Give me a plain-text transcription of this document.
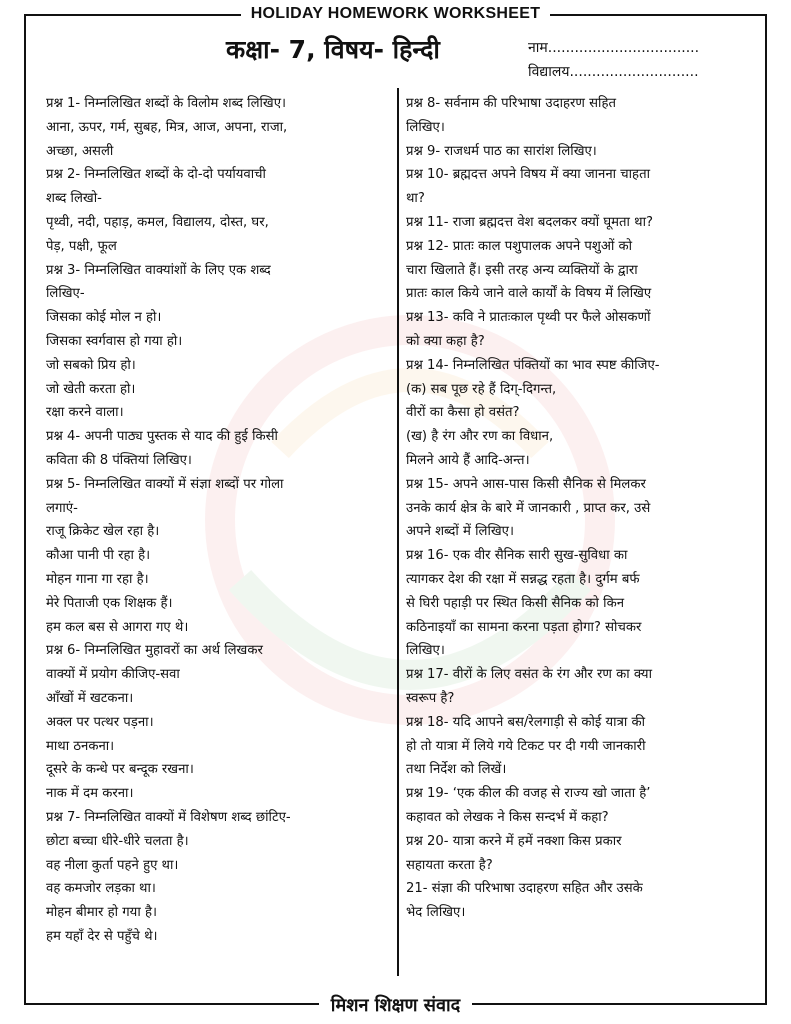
HOLIDAY HOMEWORK WORKSHEET
कक्षा- 7, विषय- हिन्दी	नाम..................................
विद्यालय.............................
प्रश्न 1- निम्नलिखित शब्दों के विलोम शब्द लिखिए।
आना, ऊपर, गर्म, सुबह, मित्र, आज, अपना, राजा,
अच्छा, असली
प्रश्न 2- निम्नलिखित शब्दों के दो-दो पर्यायवाची
शब्द लिखो-
पृथ्वी, नदी, पहाड़, कमल, विद्यालय, दोस्त, घर,
पेड़, पक्षी, फूल
प्रश्न 3- निम्नलिखित वाक्यांशों के लिए एक शब्द
लिखिए-
जिसका कोई मोल न हो।
जिसका स्वर्गवास हो गया हो।
जो सबको प्रिय हो।
जो खेती करता हो।
रक्षा करने वाला।
प्रश्न 4- अपनी पाठ्य पुस्तक से याद की हुई किसी
कविता की 8 पंक्तियां लिखिए।
प्रश्न 5- निम्नलिखित वाक्यों में संज्ञा शब्दों पर गोला
लगाएं-
राजू क्रिकेट खेल रहा है।
कौआ पानी पी रहा है।
मोहन गाना गा रहा है।
मेरे पिताजी एक शिक्षक हैं।
हम कल बस से आगरा गए थे।
प्रश्न 6- निम्नलिखित मुहावरों का अर्थ लिखकर
वाक्यों में प्रयोग कीजिए-सवा
आँखों में खटकना।
अक्ल पर पत्थर पड़ना।
माथा ठनकना।
दूसरे के कन्धे पर बन्दूक रखना।
नाक में दम करना।
प्रश्न 7- निम्नलिखित वाक्यों में विशेषण शब्द छांटिए-
छोटा बच्चा धीरे-धीरे चलता है।
वह नीला कुर्ता पहने हुए था।
वह कमजोर लड़का था।
मोहन बीमार हो गया है।
हम यहाँ देर से पहुँचे थे।
प्रश्न 8- सर्वनाम की परिभाषा उदाहरण सहित
लिखिए।
प्रश्न 9- राजधर्म पाठ का सारांश लिखिए।
प्रश्न 10- ब्रह्मदत्त अपने विषय में क्या जानना चाहता
था?
प्रश्न 11- राजा ब्रह्मदत्त वेश बदलकर क्यों घूमता था?
प्रश्न 12- प्रातः काल पशुपालक अपने पशुओं को
चारा खिलाते हैं। इसी तरह अन्य व्यक्तियों के द्वारा
प्रातः काल किये जाने वाले कार्यों के विषय में लिखिए
प्रश्न 13- कवि ने प्रातःकाल पृथ्वी पर फैले ओसकणों
को क्या कहा है?
प्रश्न 14- निम्नलिखित पंक्तियों का भाव स्पष्ट कीजिए-
(क) सब पूछ रहे हैं दिग्-दिगन्त,
वीरों का कैसा हो वसंत?
(ख) है रंग और रण का विधान,
मिलने आये हैं आदि-अन्त।
प्रश्न 15- अपने आस-पास किसी सैनिक से मिलकर
उनके कार्य क्षेत्र के बारे में जानकारी , प्राप्त कर, उसे
अपने शब्दों में लिखिए।
प्रश्न 16- एक वीर सैनिक सारी सुख-सुविधा का
त्यागकर देश की रक्षा में सन्नद्ध रहता है। दुर्गम बर्फ
से घिरी पहाड़ी पर स्थित किसी सैनिक को किन
कठिनाइयाँ का सामना करना पड़ता होगा? सोचकर
लिखिए।
प्रश्न 17- वीरों के लिए वसंत के रंग और रण का क्या
स्वरूप है?
प्रश्न 18- यदि आपने बस/रेलगाड़ी से कोई यात्रा की
हो तो यात्रा में लिये गये टिकट पर दी गयी जानकारी
तथा निर्देश को लिखें।
प्रश्न 19- ‘एक कील की वजह से राज्य खो जाता है’
कहावत को लेखक ने किस सन्दर्भ में कहा?
प्रश्न 20- यात्रा करने में हमें नक्शा किस प्रकार
सहायता करता है?
21- संज्ञा की परिभाषा उदाहरण सहित और उसके
भेद लिखिए।
मिशन शिक्षण संवाद
